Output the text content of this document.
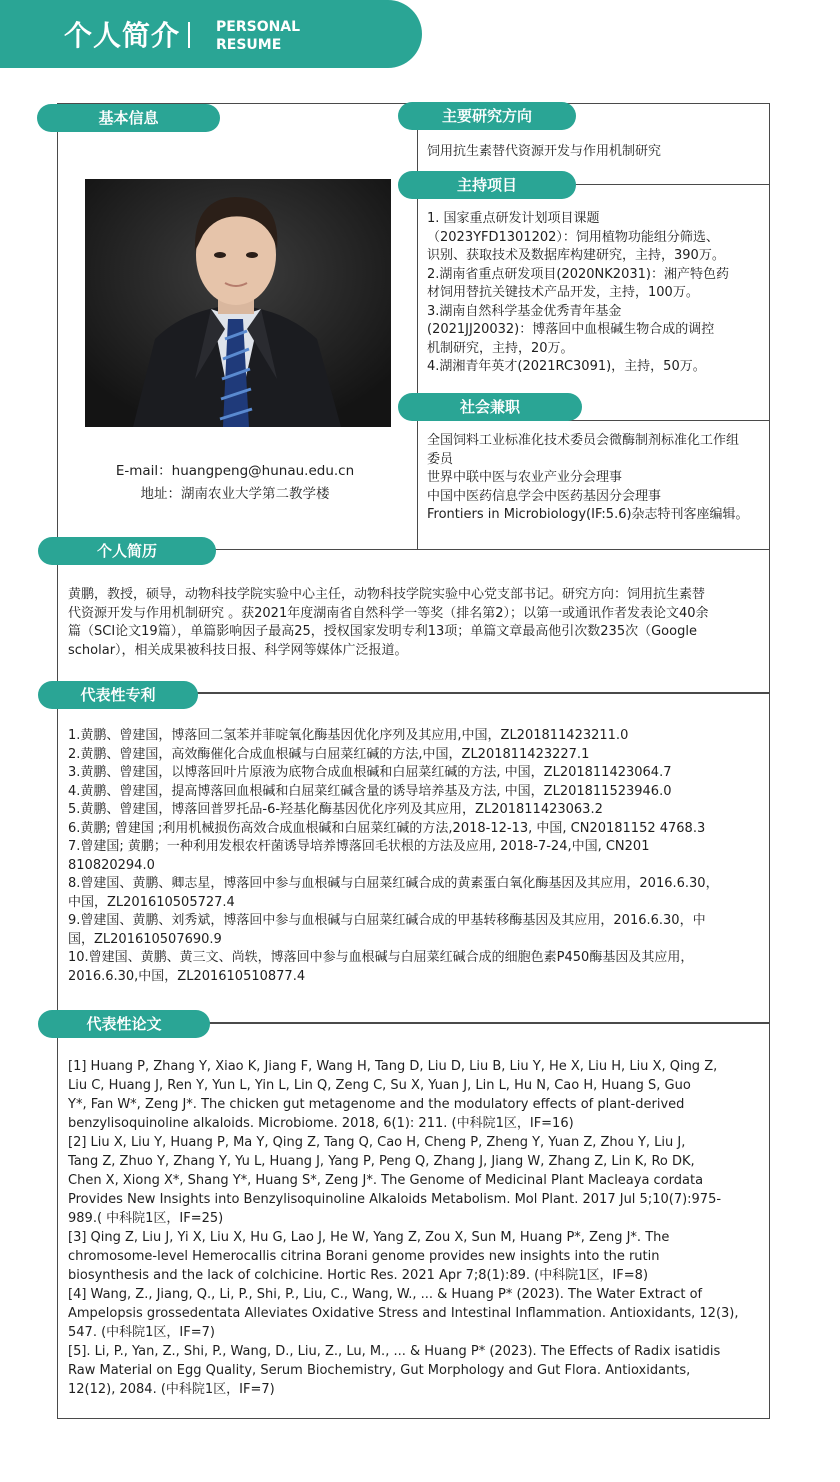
个人简介	PERSONAL
RESUME
基本信息
E-mail：huangpeng@hunau.edu.cn
地址：湖南农业大学第二教学楼
主要研究方向
饲用抗生素替代资源开发与作用机制研究
主持项目
1. 国家重点研发计划项目课题
（2023YFD1301202）：饲用植物功能组分筛选、
识别、获取技术及数据库构建研究，主持，390万。
2.湖南省重点研发项目(2020NK2031)：湘产特色药
材饲用替抗关键技术产品开发，主持，100万。
3.湖南自然科学基金优秀青年基金
(2021JJ20032)：博落回中血根碱生物合成的调控
机制研究，主持，20万。
4.湖湘青年英才(2021RC3091)，主持，50万。
社会兼职
全国饲料工业标准化技术委员会微酶制剂标准化工作组
委员
世界中联中医与农业产业分会理事
中国中医药信息学会中医药基因分会理事
Frontiers in Microbiology(IF:5.6)杂志特刊客座编辑。
个人简历
黄鹏，教授，硕导，动物科技学院实验中心主任，动物科技学院实验中心党支部书记。研究方向：饲用抗生素替
代资源开发与作用机制研究 。获2021年度湖南省自然科学一等奖（排名第2）；以第一或通讯作者发表论文40余
篇（SCI论文19篇），单篇影响因子最高25，授权国家发明专利13项；单篇文章最高他引次数235次（Google
scholar），相关成果被科技日报、科学网等媒体广泛报道。
代表性专利
1.黄鹏、曾建国，博落回二氢苯并菲啶氧化酶基因优化序列及其应用,中国，ZL201811423211.0
2.黄鹏、曾建国，高效酶催化合成血根碱与白屈菜红碱的方法,中国，ZL201811423227.1
3.黄鹏、曾建国，以博落回叶片原液为底物合成血根碱和白屈菜红碱的方法, 中国，ZL201811423064.7
4.黄鹏、曾建国，提高博落回血根碱和白屈菜红碱含量的诱导培养基及方法, 中国，ZL201811523946.0
5.黄鹏、曾建国，博落回普罗托品-6-羟基化酶基因优化序列及其应用，ZL201811423063.2
6.黄鹏; 曾建国 ;利用机械损伤高效合成血根碱和白屈菜红碱的方法,2018-12-13, 中国, CN20181152 4768.3
7.曾建国; 黄鹏；一种利用发根农杆菌诱导培养博落回毛状根的方法及应用, 2018-7-24,中国, CN201
810820294.0
8.曾建国、黄鹏、卿志星，博落回中参与血根碱与白屈菜红碱合成的黄素蛋白氧化酶基因及其应用，2016.6.30，
中国，ZL201610505727.4
9.曾建国、黄鹏、刘秀斌，博落回中参与血根碱与白屈菜红碱合成的甲基转移酶基因及其应用，2016.6.30，中
国，ZL201610507690.9
10.曾建国、黄鹏、黄三文、尚轶，博落回中参与血根碱与白屈菜红碱合成的细胞色素P450酶基因及其应用，
2016.6.30,中国，ZL201610510877.4
代表性论文
[1] Huang P, Zhang Y, Xiao K, Jiang F, Wang H, Tang D, Liu D, Liu B, Liu Y, He X, Liu H, Liu X, Qing Z,
Liu C, Huang J, Ren Y, Yun L, Yin L, Lin Q, Zeng C, Su X, Yuan J, Lin L, Hu N, Cao H, Huang S, Guo
Y*, Fan W*, Zeng J*. The chicken gut metagenome and the modulatory effects of plant-derived
benzylisoquinoline alkaloids. Microbiome. 2018, 6(1): 211. (中科院1区，IF=16)
[2] Liu X, Liu Y, Huang P, Ma Y, Qing Z, Tang Q, Cao H, Cheng P, Zheng Y, Yuan Z, Zhou Y, Liu J,
Tang Z, Zhuo Y, Zhang Y, Yu L, Huang J, Yang P, Peng Q, Zhang J, Jiang W, Zhang Z, Lin K, Ro DK,
Chen X, Xiong X*, Shang Y*, Huang S*, Zeng J*. The Genome of Medicinal Plant Macleaya cordata
Provides New Insights into Benzylisoquinoline Alkaloids Metabolism. Mol Plant. 2017 Jul 5;10(7):975-
989.( 中科院1区，IF=25)
[3] Qing Z, Liu J, Yi X, Liu X, Hu G, Lao J, He W, Yang Z, Zou X, Sun M, Huang P*, Zeng J*. The
chromosome-level Hemerocallis citrina Borani genome provides new insights into the rutin
biosynthesis and the lack of colchicine. Hortic Res. 2021 Apr 7;8(1):89. (中科院1区，IF=8)
[4] Wang, Z., Jiang, Q., Li, P., Shi, P., Liu, C., Wang, W., ... & Huang P* (2023). The Water Extract of
Ampelopsis grossedentata Alleviates Oxidative Stress and Intestinal Inflammation. Antioxidants, 12(3),
547. (中科院1区，IF=7)
[5]. Li, P., Yan, Z., Shi, P., Wang, D., Liu, Z., Lu, M., ... & Huang P* (2023). The Effects of Radix isatidis
Raw Material on Egg Quality, Serum Biochemistry, Gut Morphology and Gut Flora. Antioxidants,
12(12), 2084. (中科院1区，IF=7)
